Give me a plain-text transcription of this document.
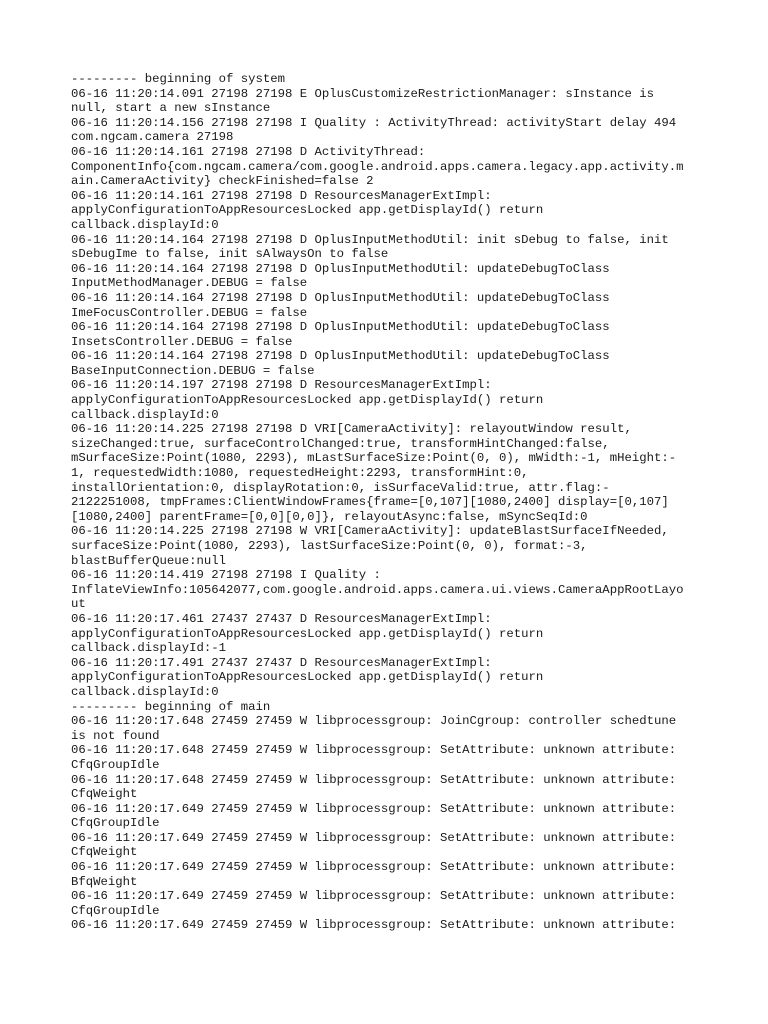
--------- beginning of system
06-16 11:20:14.091 27198 27198 E OplusCustomizeRestrictionManager: sInstance is
null, start a new sInstance
06-16 11:20:14.156 27198 27198 I Quality : ActivityThread: activityStart delay 494
com.ngcam.camera 27198
06-16 11:20:14.161 27198 27198 D ActivityThread:
ComponentInfo{com.ngcam.camera/com.google.android.apps.camera.legacy.app.activity.m
ain.CameraActivity} checkFinished=false 2
06-16 11:20:14.161 27198 27198 D ResourcesManagerExtImpl:
applyConfigurationToAppResourcesLocked app.getDisplayId() return
callback.displayId:0
06-16 11:20:14.164 27198 27198 D OplusInputMethodUtil: init sDebug to false, init
sDebugIme to false, init sAlwaysOn to false
06-16 11:20:14.164 27198 27198 D OplusInputMethodUtil: updateDebugToClass
InputMethodManager.DEBUG = false
06-16 11:20:14.164 27198 27198 D OplusInputMethodUtil: updateDebugToClass
ImeFocusController.DEBUG = false
06-16 11:20:14.164 27198 27198 D OplusInputMethodUtil: updateDebugToClass
InsetsController.DEBUG = false
06-16 11:20:14.164 27198 27198 D OplusInputMethodUtil: updateDebugToClass
BaseInputConnection.DEBUG = false
06-16 11:20:14.197 27198 27198 D ResourcesManagerExtImpl:
applyConfigurationToAppResourcesLocked app.getDisplayId() return
callback.displayId:0
06-16 11:20:14.225 27198 27198 D VRI[CameraActivity]: relayoutWindow result,
sizeChanged:true, surfaceControlChanged:true, transformHintChanged:false,
mSurfaceSize:Point(1080, 2293), mLastSurfaceSize:Point(0, 0), mWidth:-1, mHeight:-
1, requestedWidth:1080, requestedHeight:2293, transformHint:0,
installOrientation:0, displayRotation:0, isSurfaceValid:true, attr.flag:-
2122251008, tmpFrames:ClientWindowFrames{frame=[0,107][1080,2400] display=[0,107]
[1080,2400] parentFrame=[0,0][0,0]}, relayoutAsync:false, mSyncSeqId:0
06-16 11:20:14.225 27198 27198 W VRI[CameraActivity]: updateBlastSurfaceIfNeeded,
surfaceSize:Point(1080, 2293), lastSurfaceSize:Point(0, 0), format:-3,
blastBufferQueue:null
06-16 11:20:14.419 27198 27198 I Quality :
InflateViewInfo:105642077,com.google.android.apps.camera.ui.views.CameraAppRootLayo
ut
06-16 11:20:17.461 27437 27437 D ResourcesManagerExtImpl:
applyConfigurationToAppResourcesLocked app.getDisplayId() return
callback.displayId:-1
06-16 11:20:17.491 27437 27437 D ResourcesManagerExtImpl:
applyConfigurationToAppResourcesLocked app.getDisplayId() return
callback.displayId:0
--------- beginning of main
06-16 11:20:17.648 27459 27459 W libprocessgroup: JoinCgroup: controller schedtune
is not found
06-16 11:20:17.648 27459 27459 W libprocessgroup: SetAttribute: unknown attribute:
CfqGroupIdle
06-16 11:20:17.648 27459 27459 W libprocessgroup: SetAttribute: unknown attribute:
CfqWeight
06-16 11:20:17.649 27459 27459 W libprocessgroup: SetAttribute: unknown attribute:
CfqGroupIdle
06-16 11:20:17.649 27459 27459 W libprocessgroup: SetAttribute: unknown attribute:
CfqWeight
06-16 11:20:17.649 27459 27459 W libprocessgroup: SetAttribute: unknown attribute:
BfqWeight
06-16 11:20:17.649 27459 27459 W libprocessgroup: SetAttribute: unknown attribute:
CfqGroupIdle
06-16 11:20:17.649 27459 27459 W libprocessgroup: SetAttribute: unknown attribute:
